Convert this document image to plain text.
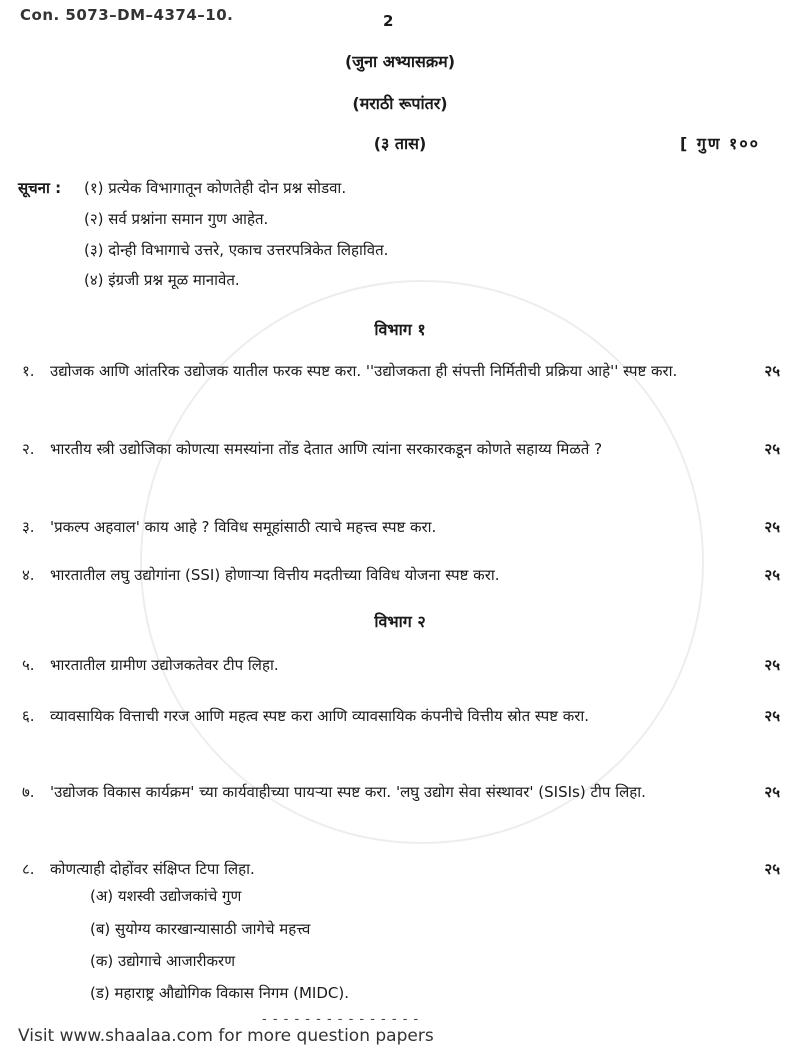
Con. 5073–DM–4374–10.	2
(जुना अभ्यासक्रम)
(मराठी रूपांतर)
(३ तास)	[ गुण १००
सूचना : (१) प्रत्येक विभागातून कोणतेही दोन प्रश्न सोडवा.
(२) सर्व प्रश्नांना समान गुण आहेत.
(३) दोन्ही विभागाचे उत्तरे, एकाच उत्तरपत्रिकेत लिहावित.
(४) इंग्रजी प्रश्न मूळ मानावेत.
विभाग १
१. उद्योजक आणि आंतरिक उद्योजक यातील फरक स्पष्ट करा. ''उद्योजकता ही संपत्ती निर्मितीची प्रक्रिया आहे'' स्पष्ट करा.	२५
२. भारतीय स्त्री उद्योजिका कोणत्या समस्यांना तोंड देतात आणि त्यांना सरकारकडून कोणते सहाय्य मिळते ?	२५
३. 'प्रकल्प अहवाल' काय आहे ? विविध समूहांसाठी त्याचे महत्त्व स्पष्ट करा.	२५
४. भारतातील लघु उद्योगांना (SSI) होणाऱ्या वित्तीय मदतीच्या विविध योजना स्पष्ट करा.	२५
विभाग २
५. भारतातील ग्रामीण उद्योजकतेवर टीप लिहा.	२५
६. व्यावसायिक वित्ताची गरज आणि महत्व स्पष्ट करा आणि व्यावसायिक कंपनीचे वित्तीय स्रोत स्पष्ट करा.	२५
७. 'उद्योजक विकास कार्यक्रम' च्या कार्यवाहीच्या पायऱ्या स्पष्ट करा. 'लघु उद्योग सेवा संस्थावर' (SISIs) टीप लिहा.	२५
८. कोणत्याही दोहोंवर संक्षिप्त टिपा लिहा.	२५
(अ) यशस्वी उद्योजकांचे गुण
(ब) सुयोग्य कारखान्यासाठी जागेचे महत्त्व
(क) उद्योगाचे आजारीकरण
(ड) महाराष्ट्र औद्योगिक विकास निगम (MIDC).
- - - - - - - - - - - - - - -
Visit www.shaalaa.com for more question papers
